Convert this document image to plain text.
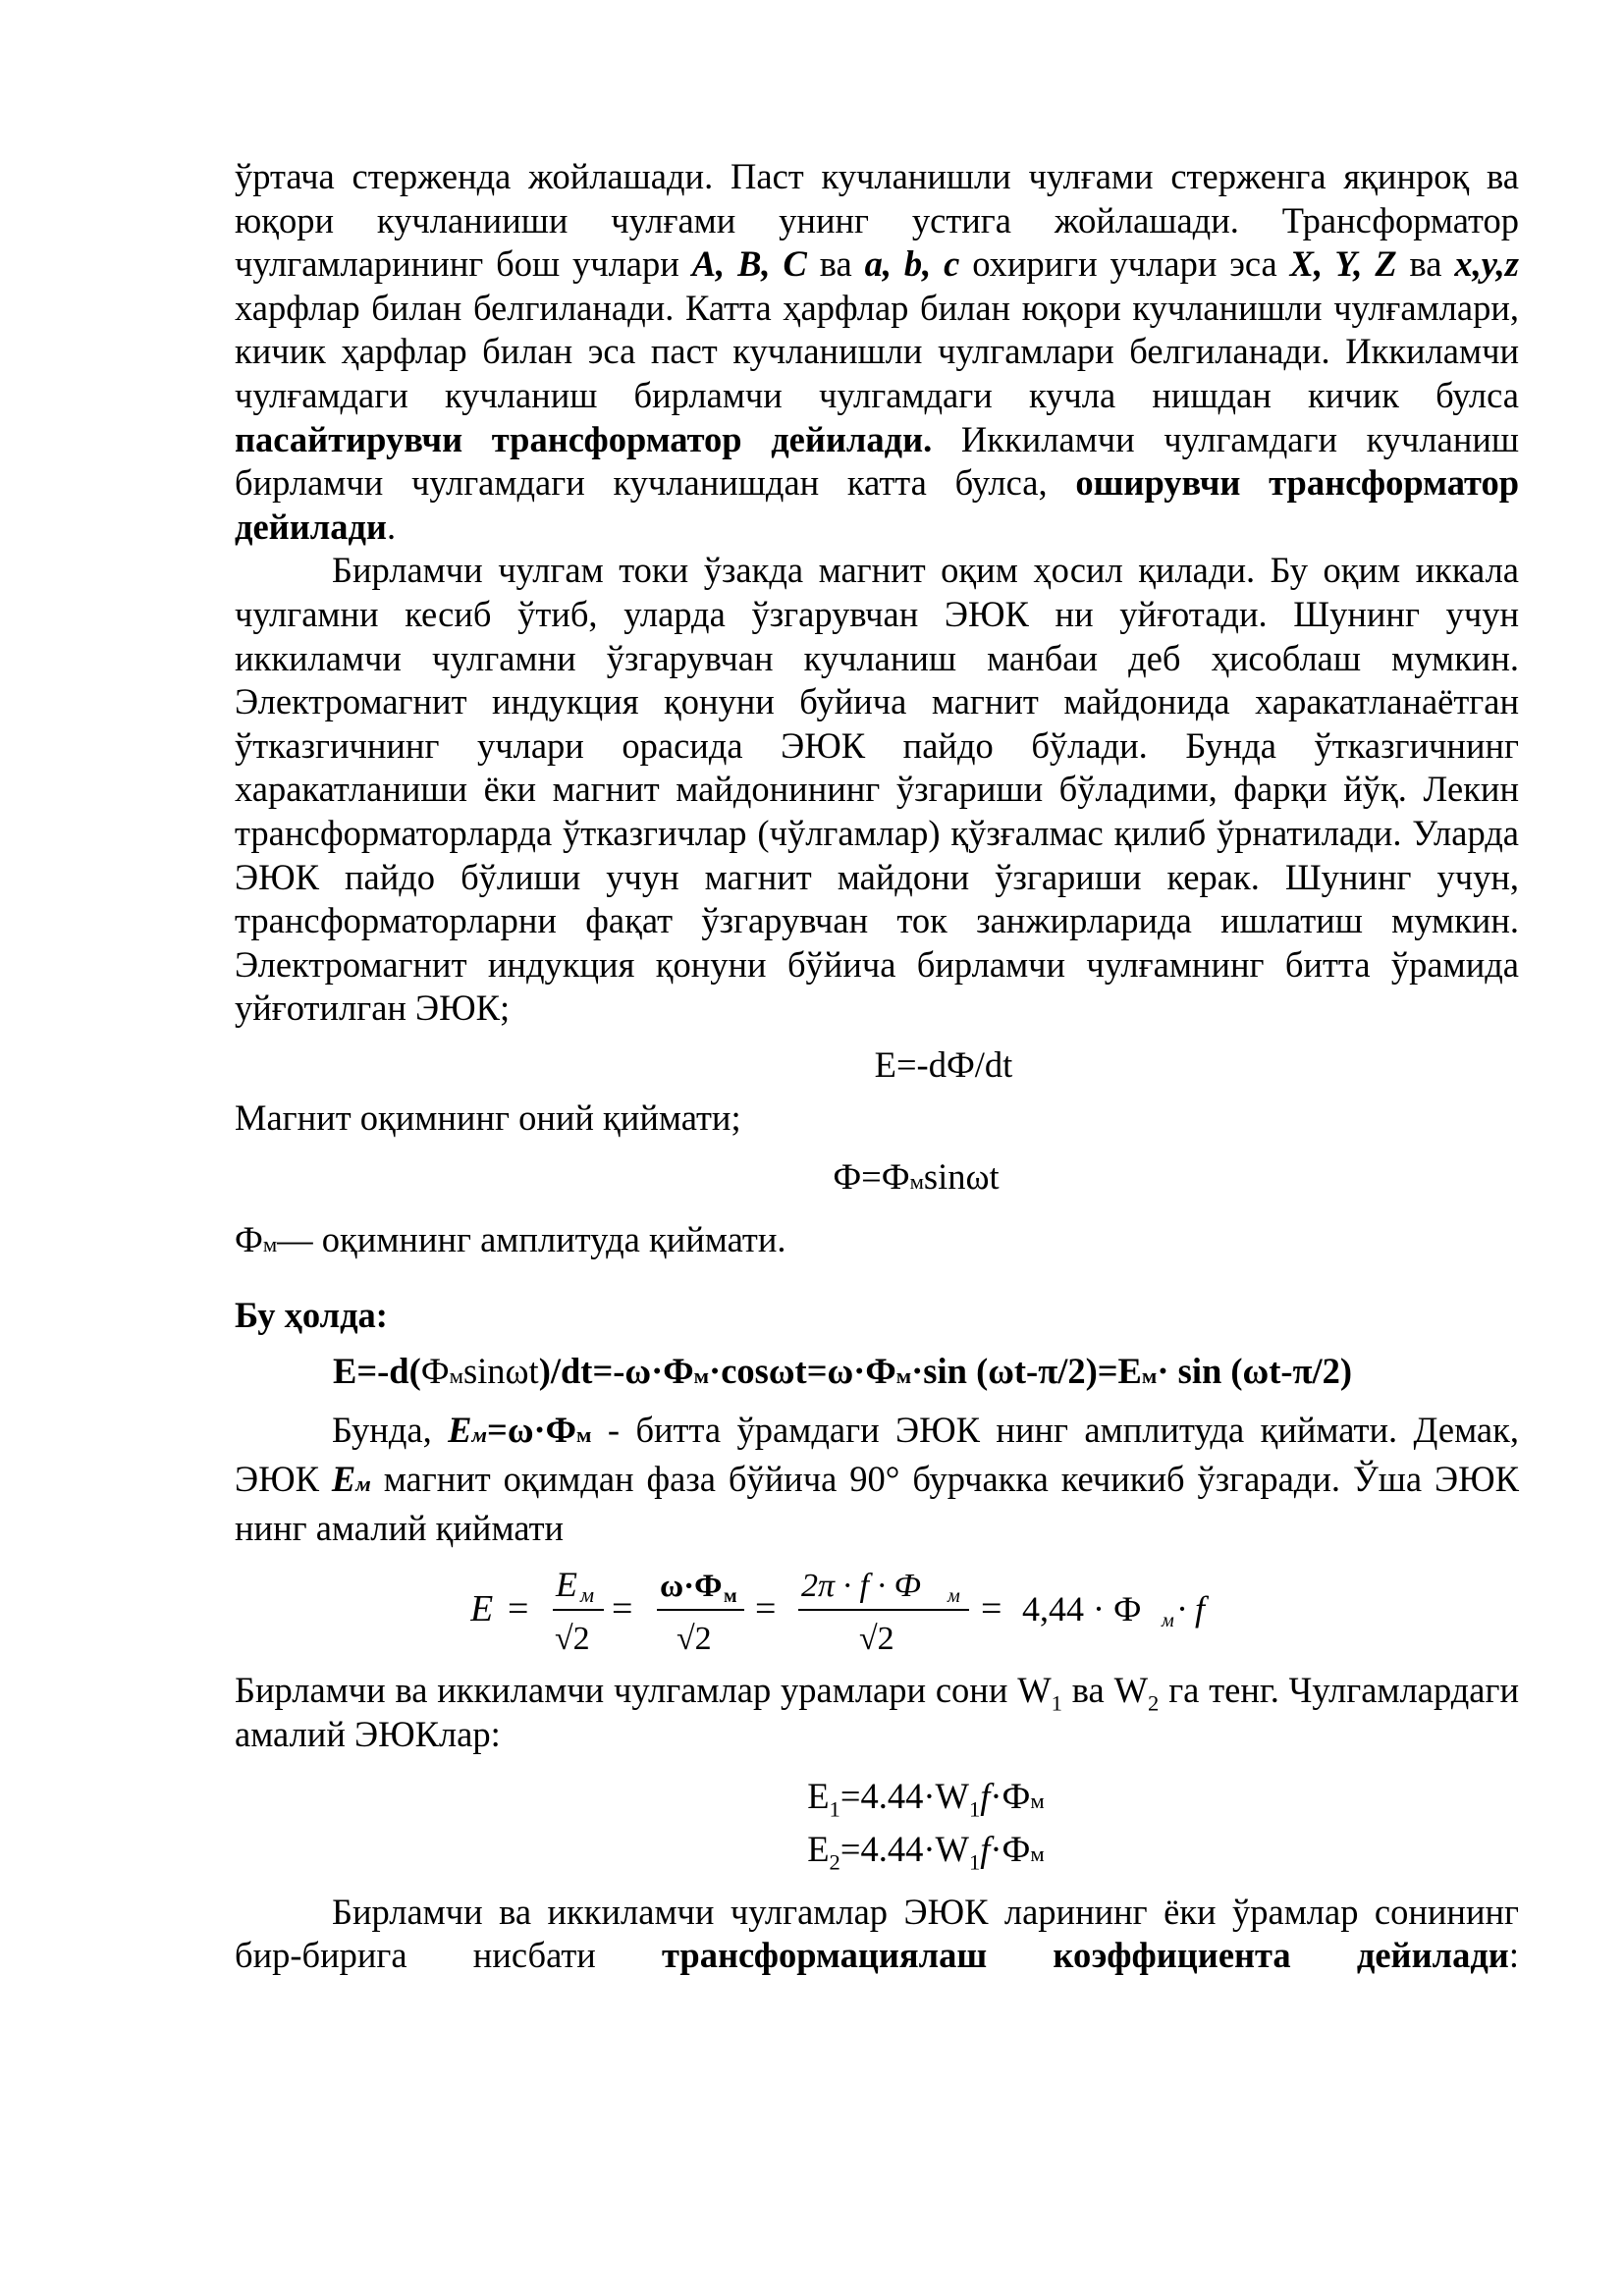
ўртача стерженда жойлашади. Паст кучланишли чулғами стерженга яқинроқ ва юқори кучланииши чулғами унинг устига жойлашади. Трансформатор чулгамларининг бош учлари A, B, C ва a, b, c охириги учлари эса X, Y, Z ва x,y,z харфлар билан белгиланади. Катта ҳарфлар билан юқори кучланишли чулғамлари, кичик ҳарфлар билан эса паст кучланишли чулгамлари белгиланади. Иккиламчи чулғамдаги кучланиш бирламчи чулгамдаги кучла нишдан кичик булса пасайтирувчи трансформатор дейилади. Иккиламчи чулгамдаги кучланиш бирламчи чулгамдаги кучланишдан катта булса, оширувчи трансформатор дейилади.

Бирламчи чулгам токи ўзакда магнит оқим ҳосил қилади. Бу оқим иккала чулгамни кесиб ўтиб, уларда ўзгарувчан ЭЮК ни уйғотади. Шунинг учун иккиламчи чулгамни ўзгарувчан кучланиш манбаи деб ҳисоблаш мумкин. Электромагнит индукция қонуни буйича магнит майдонида харакатланаётган ўтказгичнинг учлари орасида ЭЮК пайдо бўлади. Бунда ўтказгичнинг харакатланиши ёки магнит майдонининг ўзгариши бўладими, фарқи йўқ. Лекин трансформаторларда ўтказгичлар (чўлгамлар) қўзғалмас қилиб ўрнатилади. Уларда ЭЮК пайдо бўлиши учун магнит майдони ўзгариши керак. Шунинг учун, трансформаторларни фақат ўзгарувчан ток занжирларида ишлатиш мумкин. Электромагнит индукция қонуни бўйича бирламчи чулғамнинг битта ўрамида уйғотилган ЭЮК;

E=-dФ/dt

Магнит оқимнинг оний қиймати;

Ф=Фмsinωt

Фм— оқимнинг амплитуда қиймати.

Бу ҳолда:

E=-d(Фмsinωt)/dt=-ω·Фм·cosωt=ω·Фм·sin (ωt-π/2)=Eм· sin (ωt-π/2)

Бунда, Eм=ω·Фм - битта ўрамдаги ЭЮК нинг амплитуда қиймати. Демак, ЭЮК Eм магнит оқимдан фаза бўйича 90° бурчакка кечикиб ўзгаради. Ўша ЭЮК нинг амалий қиймати

E =
E м
√2
=
ω·Ф м
√2
=
2π · f · Ф м
√2
= 4,44 · Ф м · f

Бирламчи ва иккиламчи чулгамлар урамлари сони $W_1$ ва $W_2$ га тенг. Чулгамлардаги амалий ЭЮКлар:

$E_1=4.44\cdot W_1f\cdot Фм$

$E_2=4.44\cdot W_1f\cdot Фм$

Бирламчи ва иккиламчи чулгамлар ЭЮК ларининг ёки ўрамлар сонининг бир-бирига нисбати трансформациялаш коэффициента дейилади:
